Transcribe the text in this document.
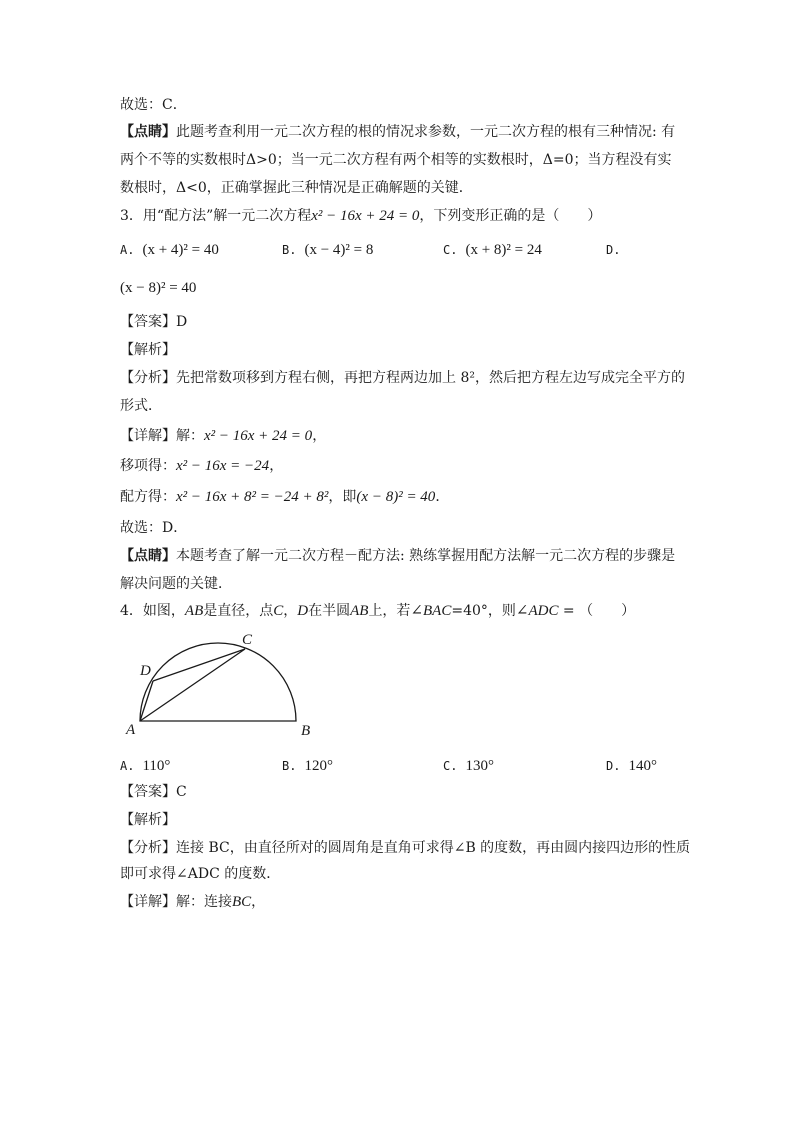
故选：C．
【点睛】此题考查利用一元二次方程的根的情况求参数，一元二次方程的根有三种情况: 有
两个不等的实数根时Δ>0；当一元二次方程有两个相等的实数根时，Δ=0；当方程没有实
数根时，Δ<0，正确掌握此三种情况是正确解题的关键．
3．用“配方法”解一元二次方程x² − 16x + 24 = 0，下列变形正确的是（　　）
A. (x + 4)² = 40	B. (x − 4)² = 8	C. (x + 8)² = 24	D.
(x − 8)² = 40
【答案】D
【解析】
【分析】先把常数项移到方程右侧，再把方程两边加上 8²，然后把方程左边写成完全平方的
形式．
【详解】解：x² − 16x + 24 = 0，
移项得：x² − 16x = −24，
配方得：x² − 16x + 8² = −24 + 8²，即(x − 8)² = 40．
故选：D．
【点睛】本题考查了解一元二次方程－配方法: 熟练掌握用配方法解一元二次方程的步骤是
解决问题的关键．
4．如图，AB是直径，点C，D在半圆AB上，若∠BAC=40°，则∠ADC = （　　）
A	B
C
D
A. 110°	B. 120°	C. 130°	D. 140°
【答案】C
【解析】
【分析】连接 BC，由直径所对的圆周角是直角可求得∠B 的度数，再由圆内接四边形的性质
即可求得∠ADC 的度数．
【详解】解：连接BC，
